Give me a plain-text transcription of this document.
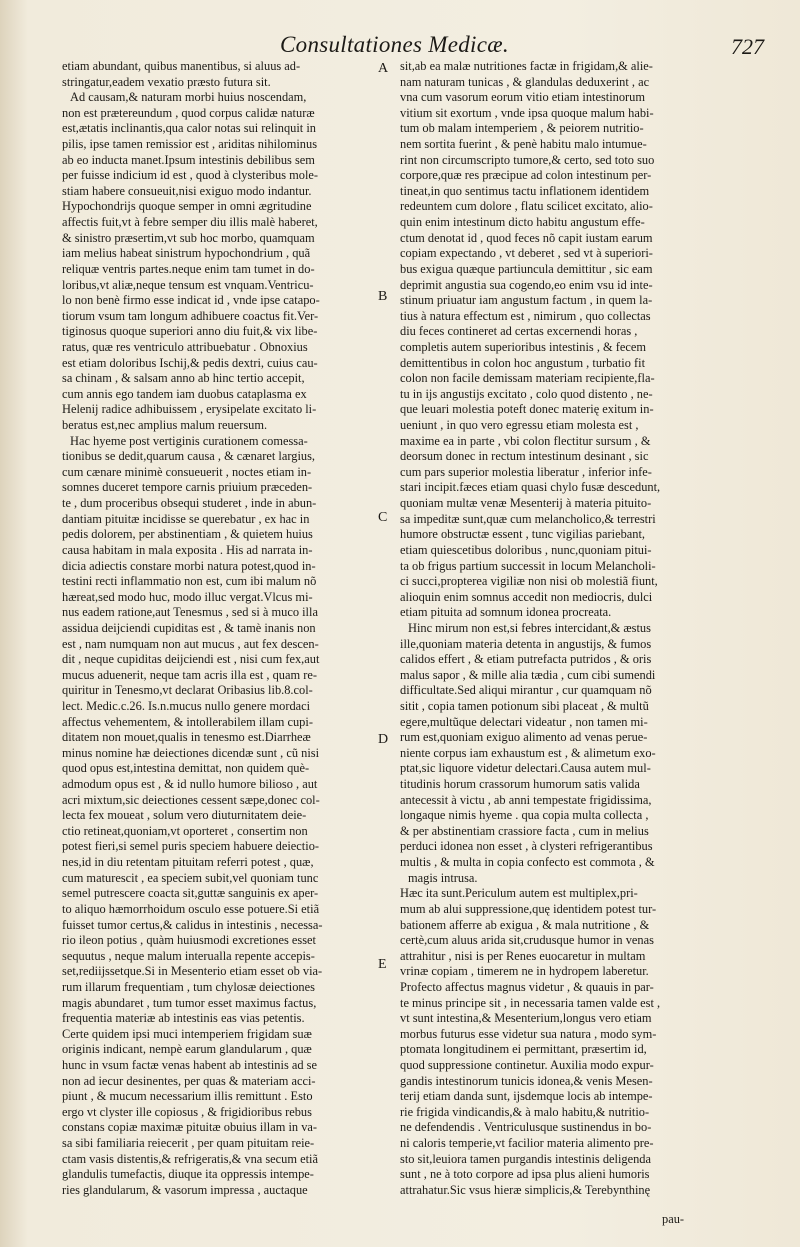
Consultationes Medicæ.	727
etiam abundant, quibus manentibus, si aluus ad-
stringatur,eadem vexatio præsto futura sit.
Ad causam,& naturam morbi huius noscendam,
non est prætereundum , quod corpus calidæ naturæ
est,ætatis inclinantis,qua calor notas sui relinquit in
pilis, ipse tamen remissior est , ariditas nihilominus
ab eo inducta manet.Ipsum intestinis debilibus sem
per fuisse indicium id est , quod à clysteribus mole-
stiam habere consueuit,nisi exiguo modo indantur.
Hypochondrijs quoque semper in omni ægritudine
affectis fuit,vt à febre semper diu illis malè haberet,
& sinistro præsertim,vt sub hoc morbo, quamquam
iam melius habeat sinistrum hypochondrium , quã
reliquæ ventris partes.neque enim tam tumet in do-
loribus,vt aliæ,neque tensum est vnquam.Ventricu-
lo non benè firmo esse indicat id , vnde ipse catapo-
tiorum vsum tam longum adhibuere coactus fit.Ver-
tiginosus quoque superiori anno diu fuit,& vix libe-
ratus, quæ res ventriculo attribuebatur . Obnoxius
est etiam doloribus Ischij,& pedis dextri, cuius cau-
sa chinam , & salsam anno ab hinc tertio accepit,
cum annis ego tandem iam duobus cataplasma ex
Helenij radice adhibuissem , erysipelate excitato li-
beratus est,nec amplius malum reuersum.
Hac hyeme post vertiginis curationem comessa-
tionibus se dedit,quarum causa , & cænaret largius,
cum cænare minimè consueuerit , noctes etiam in-
somnes duceret tempore carnis priuium præceden-
te , dum proceribus obsequi studeret , inde in abun-
dantiam pituitæ incidisse se querebatur , ex hac in
pedis dolorem, per abstinentiam , & quietem huius
causa habitam in mala exposita . His ad narrata in-
dicia adiectis constare morbi natura potest,quod in-
testini recti inflammatio non est, cum ibi malum nõ
hæreat,sed modo huc, modo illuc vergat.Vlcus mi-
nus eadem ratione,aut Tenesmus , sed si à muco illa
assidua deijciendi cupiditas est , & tamè inanis non
est , nam numquam non aut mucus , aut fex descen-
dit , neque cupiditas deijciendi est , nisi cum fex,aut
mucus aduenerit, neque tam acris illa est , quam re-
quiritur in Tenesmo,vt declarat Oribasius lib.8.col-
lect. Medic.c.26. Is.n.mucus nullo genere mordaci
affectus vehementem, & intollerabilem illam cupi-
ditatem non mouet,qualis in tenesmo est.Diarrheæ
minus nomine hæ deiectiones dicendæ sunt , cũ nisi
quod opus est,intestina demittat, non quidem què-
admodum opus est , & id nullo humore bilioso , aut
acri mixtum,sic deiectiones cessent sæpe,donec col-
lecta fex moueat , solum vero diuturnitatem deie-
ctio retineat,quoniam,vt oporteret , consertim non
potest fieri,si semel puris speciem habuere deiectio-
nes,id in diu retentam pituitam referri potest , quæ,
cum maturescit , ea speciem subit,vel quoniam tunc
semel putrescere coacta sit,guttæ sanguinis ex aper-
to aliquo hæmorrhoidum osculo esse potuere.Si etiã
fuisset tumor certus,& calidus in intestinis , necessa-
rio ileon potius , quàm huiusmodi excretiones esset
sequutus , neque malum interualla repente accepis-
set,rediijssetque.Si in Mesenterio etiam esset ob via-
rum illarum frequentiam , tum chylosæ deiectiones
magis abundaret , tum tumor esset maximus factus,
frequentia materiæ ab intestinis eas vias petentis.
Certe quidem ipsi muci intemperiem frigidam suæ
originis indicant, nempè earum glandularum , quæ
hunc in vsum factæ venas habent ab intestinis ad se
non ad iecur desinentes, per quas & materiam acci-
piunt , & mucum necessarium illis remittunt . Esto
ergo vt clyster ille copiosus , & frigidioribus rebus
constans copiæ maximæ pituitæ obuius illam in va-
sa sibi familiaria reiecerit , per quam pituitam reie-
ctam vasis distentis,& refrigeratis,& vna secum etiã
glandulis tumefactis, diuque ita oppressis intempe-
ries glandularum, & vasorum impressa , auctaque
A
B
C
D
E
sit,ab ea malæ nutritiones factæ in frigidam,& alie-
nam naturam tunicas , & glandulas deduxerint , ac
vna cum vasorum eorum vitio etiam intestinorum
vitium sit exortum , vnde ipsa quoque malum habi-
tum ob malam intemperiem , & peiorem nutritio-
nem sortita fuerint , & penè habitu malo intumue-
rint non circumscripto tumore,& certo, sed toto suo
corpore,quæ res præcipue ad colon intestinum per-
tineat,in quo sentimus tactu inflationem identidem
redeuntem cum dolore , flatu scilicet excitato, alio-
quin enim intestinum dicto habitu angustum effe-
ctum denotat id , quod feces nõ capit iustam earum
copiam expectando , vt deberet , sed vt à superiori-
bus exigua quæque partiuncula demittitur , sic eam
deprimit angustia sua cogendo,eo enim vsu id inte-
stinum priuatur iam angustum factum , in quem la-
tius à natura effectum est , nimirum , quo collectas
diu feces contineret ad certas excernendi horas ,
completis autem superioribus intestinis , & fecem
demittentibus in colon hoc angustum , turbatio fit
colon non facile demissam materiam recipiente,fla-
tu in ijs angustijs excitato , colo quod distento , ne-
que leuari molestia poteft donec materię exitum in-
ueniunt , in quo vero egressu etiam molesta est ,
maxime ea in parte , vbi colon flectitur sursum , &
deorsum donec in rectum intestinum desinant , sic
cum pars superior molestia liberatur , inferior infe-
stari incipit.fæces etiam quasi chylo fusæ descedunt,
quoniam multæ venæ Mesenterij à materia pituito-
sa impeditæ sunt,quæ cum melancholico,& terrestri
humore obstructæ essent , tunc vigilias pariebant,
etiam quiescetibus doloribus , nunc,quoniam pitui-
ta ob frigus partium successit in locum Melancholi-
ci succi,propterea vigiliæ non nisi ob molestiã fiunt,
alioquin enim somnus accedit non mediocris, dulci
etiam pituita ad somnum idonea procreata.
Hinc mirum non est,si febres intercidant,& æstus
ille,quoniam materia detenta in angustijs, & fumos
calidos effert , & etiam putrefacta putridos , & oris
malus sapor , & mille alia tædia , cum cibi sumendi
difficultate.Sed aliqui mirantur , cur quamquam nõ
sitit , copia tamen potionum sibi placeat , & multũ
egere,multũque delectari videatur , non tamen mi-
rum est,quoniam exiguo alimento ad venas perue-
niente corpus iam exhaustum est , & alimetum exo-
ptat,sic liquore videtur delectari.Causa autem mul-
titudinis horum crassorum humorum satis valida
antecessit à victu , ab anni tempestate frigidissima,
longaque nimis hyeme . qua copia multa collecta ,
& per abstinentiam crassiore facta , cum in melius
perduci idonea non esset , à clysteri refrigerantibus
multis , & multa in copia confecto est commota , &
magis intrusa.
Hæc ita sunt.Periculum autem est multiplex,pri-
mum ab alui suppressione,quę identidem potest tur-
bationem afferre ab exigua , & mala nutritione , &
certè,cum aluus arida sit,crudusque humor in venas
attrahitur , nisi is per Renes euocaretur in multam
vrinæ copiam , timerem ne in hydropem laberetur.
Profecto affectus magnus videtur , & quauis in par-
te minus principe sit , in necessaria tamen valde est ,
vt sunt intestina,& Mesenterium,longus vero etiam
morbus futurus esse videtur sua natura , modo sym-
ptomata longitudinem ei permittant, præsertim id,
quod suppressione continetur. Auxilia modo expur-
gandis intestinorum tunicis idonea,& venis Mesen-
terij etiam danda sunt, ijsdemque locis ab intempe-
rie frigida vindicandis,& à malo habitu,& nutritio-
ne defendendis . Ventriculusque sustinendus in bo-
ni caloris temperie,vt facilior materia alimento pre-
sto sit,leuiora tamen purgandis intestinis deligenda
sunt , ne à toto corpore ad ipsa plus alieni humoris
attrahatur.Sic vsus hieræ simplicis,& Terebynthinę
pau-
